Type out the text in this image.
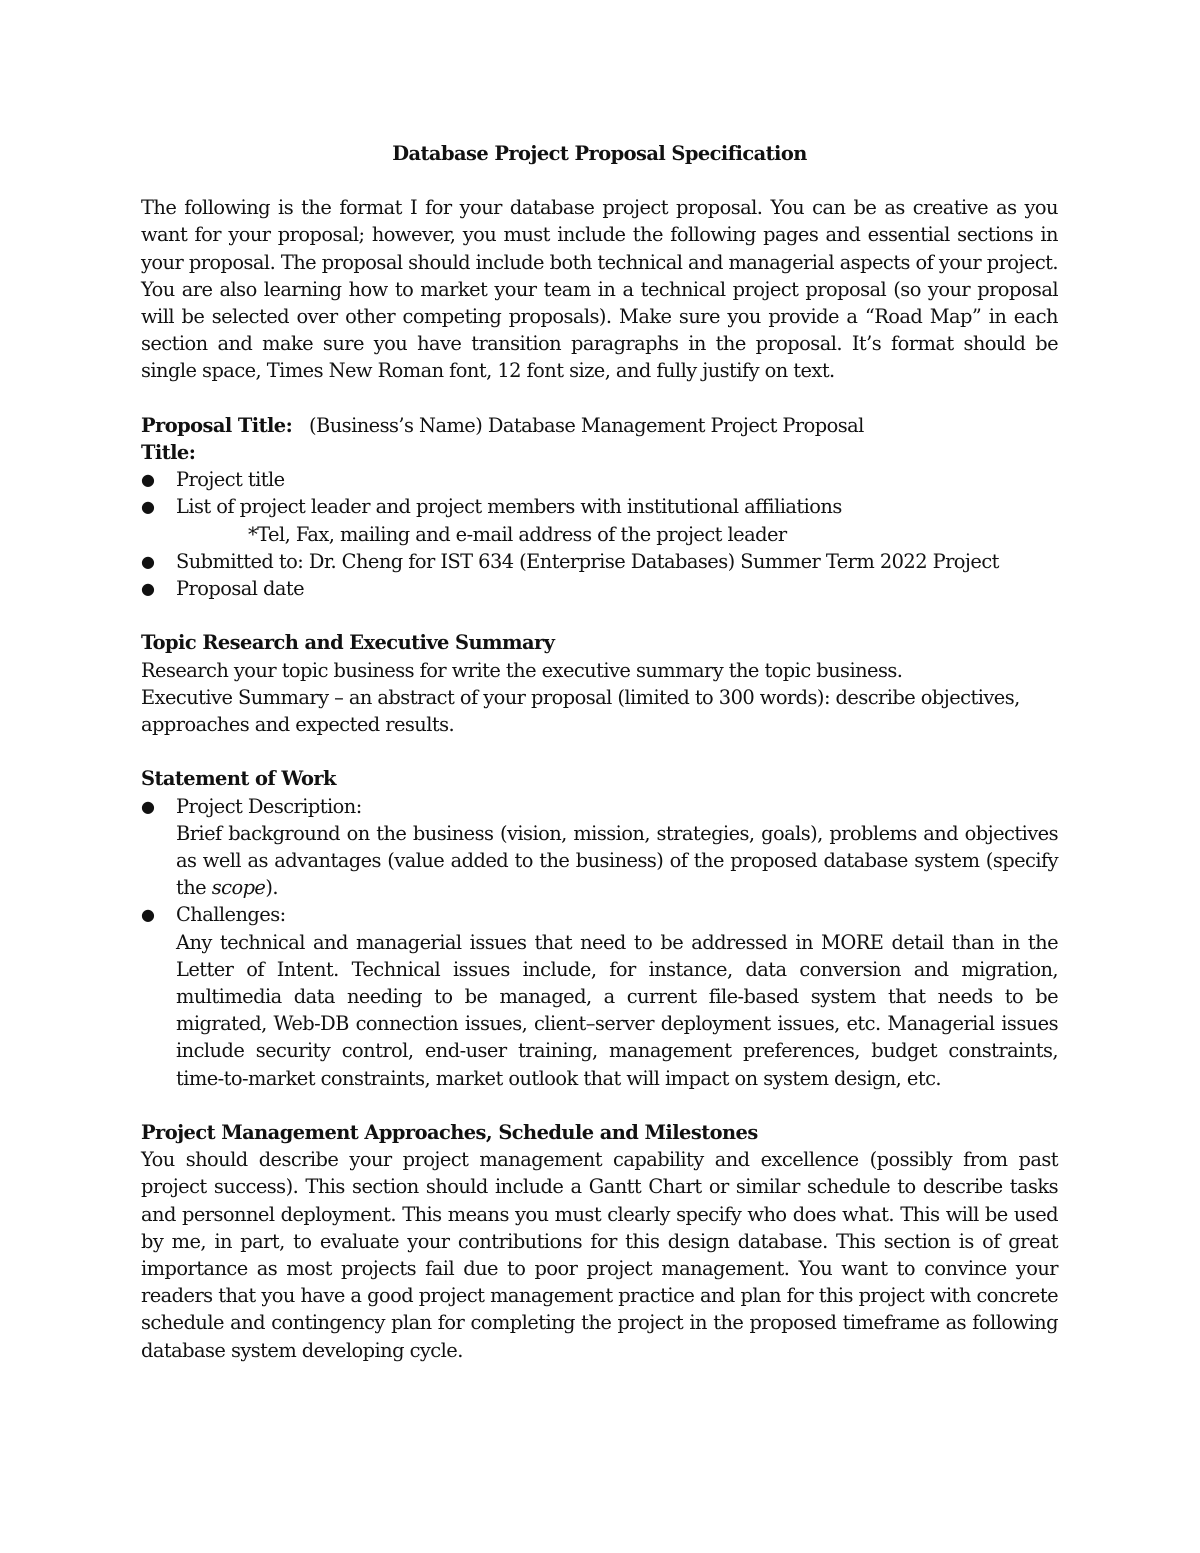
Database Project Proposal Specification

The following is the format I for your database project proposal. You can be as creative as you want for your proposal; however, you must include the following pages and essential sections in your proposal. The proposal should include both technical and managerial aspects of your project. You are also learning how to market your team in a technical project proposal (so your proposal will be selected over other competing proposals). Make sure you provide a “Road Map” in each section and make sure you have transition paragraphs in the proposal. It’s format should be single space, Times New Roman font, 12 font size, and fully justify on text.

Proposal Title: (Business’s Name) Database Management Project Proposal

Title:

●	Project title
●	List of project leader and project members with institutional affiliations

*Tel, Fax, mailing and e-mail address of the project leader

●	Submitted to: Dr. Cheng for IST 634 (Enterprise Databases) Summer Term 2022 Project
●	Proposal date

Topic Research and Executive Summary

Research your topic business for write the executive summary the topic business.

Executive Summary – an abstract of your proposal (limited to 300 words): describe objectives, approaches and expected results.

Statement of Work

●	Project Description:

Brief background on the business (vision, mission, strategies, goals), problems and objectives as well as advantages (value added to the business) of the proposed database system (specify the scope).

●	Challenges:

Any technical and managerial issues that need to be addressed in MORE detail than in the Letter of Intent. Technical issues include, for instance, data conversion and migration, multimedia data needing to be managed, a current file-based system that needs to be migrated, Web-DB connection issues, client–server deployment issues, etc. Managerial issues include security control, end-user training, management preferences, budget constraints, time-to-market constraints, market outlook that will impact on system design, etc.

Project Management Approaches, Schedule and Milestones

You should describe your project management capability and excellence (possibly from past project success). This section should include a Gantt Chart or similar schedule to describe tasks and personnel deployment. This means you must clearly specify who does what. This will be used by me, in part, to evaluate your contributions for this design database. This section is of great importance as most projects fail due to poor project management. You want to convince your readers that you have a good project management practice and plan for this project with concrete schedule and contingency plan for completing the project in the proposed timeframe as following database system developing cycle.
